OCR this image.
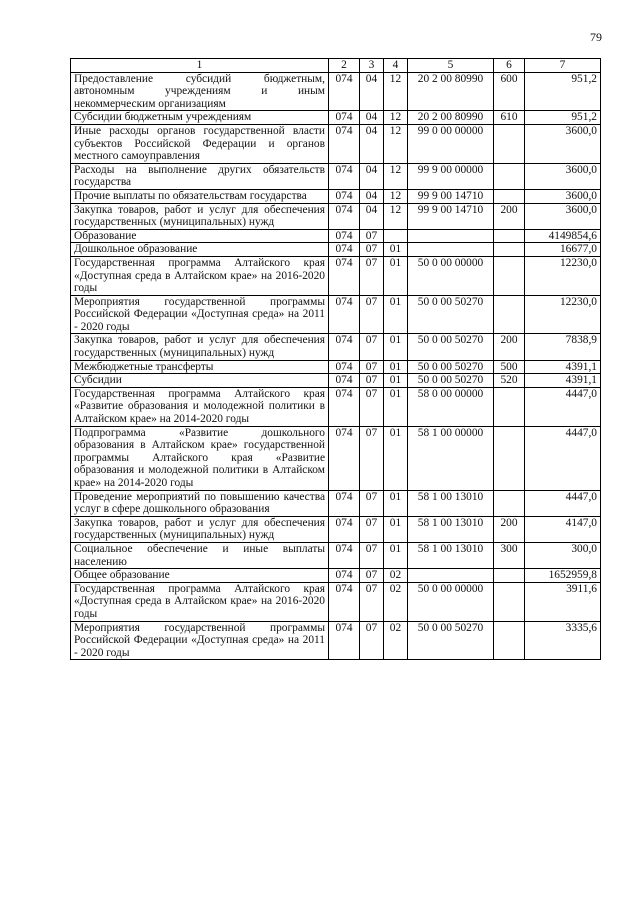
79
1	2	3	4	5	6	7
Предоставление субсидий бюджетным, автономным учреждениям и иным некоммерческим организациям	074	04	12	20 2 00 80990	600	951,2
Субсидии бюджетным учреждениям	074	04	12	20 2 00 80990	610	951,2
Иные расходы органов государственной власти субъектов Российской Федерации и органов местного самоуправления	074	04	12	99 0 00 00000		3600,0
Расходы на выполнение других обязательств государства	074	04	12	99 9 00 00000		3600,0
Прочие выплаты по обязательствам государства	074	04	12	99 9 00 14710		3600,0
Закупка товаров, работ и услуг для обеспечения государственных (муниципальных) нужд	074	04	12	99 9 00 14710	200	3600,0
Образование	074	07				4149854,6
Дошкольное образование	074	07	01			16677,0
Государственная программа Алтайского края «Доступная среда в Алтайском крае» на 2016-2020 годы	074	07	01	50 0 00 00000		12230,0
Мероприятия государственной программы Российской Федерации «Доступная среда» на 2011 - 2020 годы	074	07	01	50 0 00 50270		12230,0
Закупка товаров, работ и услуг для обеспечения государственных (муниципальных) нужд	074	07	01	50 0 00 50270	200	7838,9
Межбюджетные трансферты	074	07	01	50 0 00 50270	500	4391,1
Субсидии	074	07	01	50 0 00 50270	520	4391,1
Государственная программа Алтайского края «Развитие образования и молодежной политики в Алтайском крае» на 2014-2020 годы	074	07	01	58 0 00 00000		4447,0
Подпрограмма «Развитие дошкольного образования в Алтайском крае» государственной программы Алтайского края «Развитие образования и молодежной политики в Алтайском крае» на 2014-2020 годы	074	07	01	58 1 00 00000		4447,0
Проведение мероприятий по повышению качества услуг в сфере дошкольного образования	074	07	01	58 1 00 13010		4447,0
Закупка товаров, работ и услуг для обеспечения государственных (муниципальных) нужд	074	07	01	58 1 00 13010	200	4147,0
Социальное обеспечение и иные выплаты населению	074	07	01	58 1 00 13010	300	300,0
Общее образование	074	07	02			1652959,8
Государственная программа Алтайского края «Доступная среда в Алтайском крае» на 2016-2020 годы	074	07	02	50 0 00 00000		3911,6
Мероприятия государственной программы Российской Федерации «Доступная среда» на 2011 - 2020 годы	074	07	02	50 0 00 50270		3335,6
